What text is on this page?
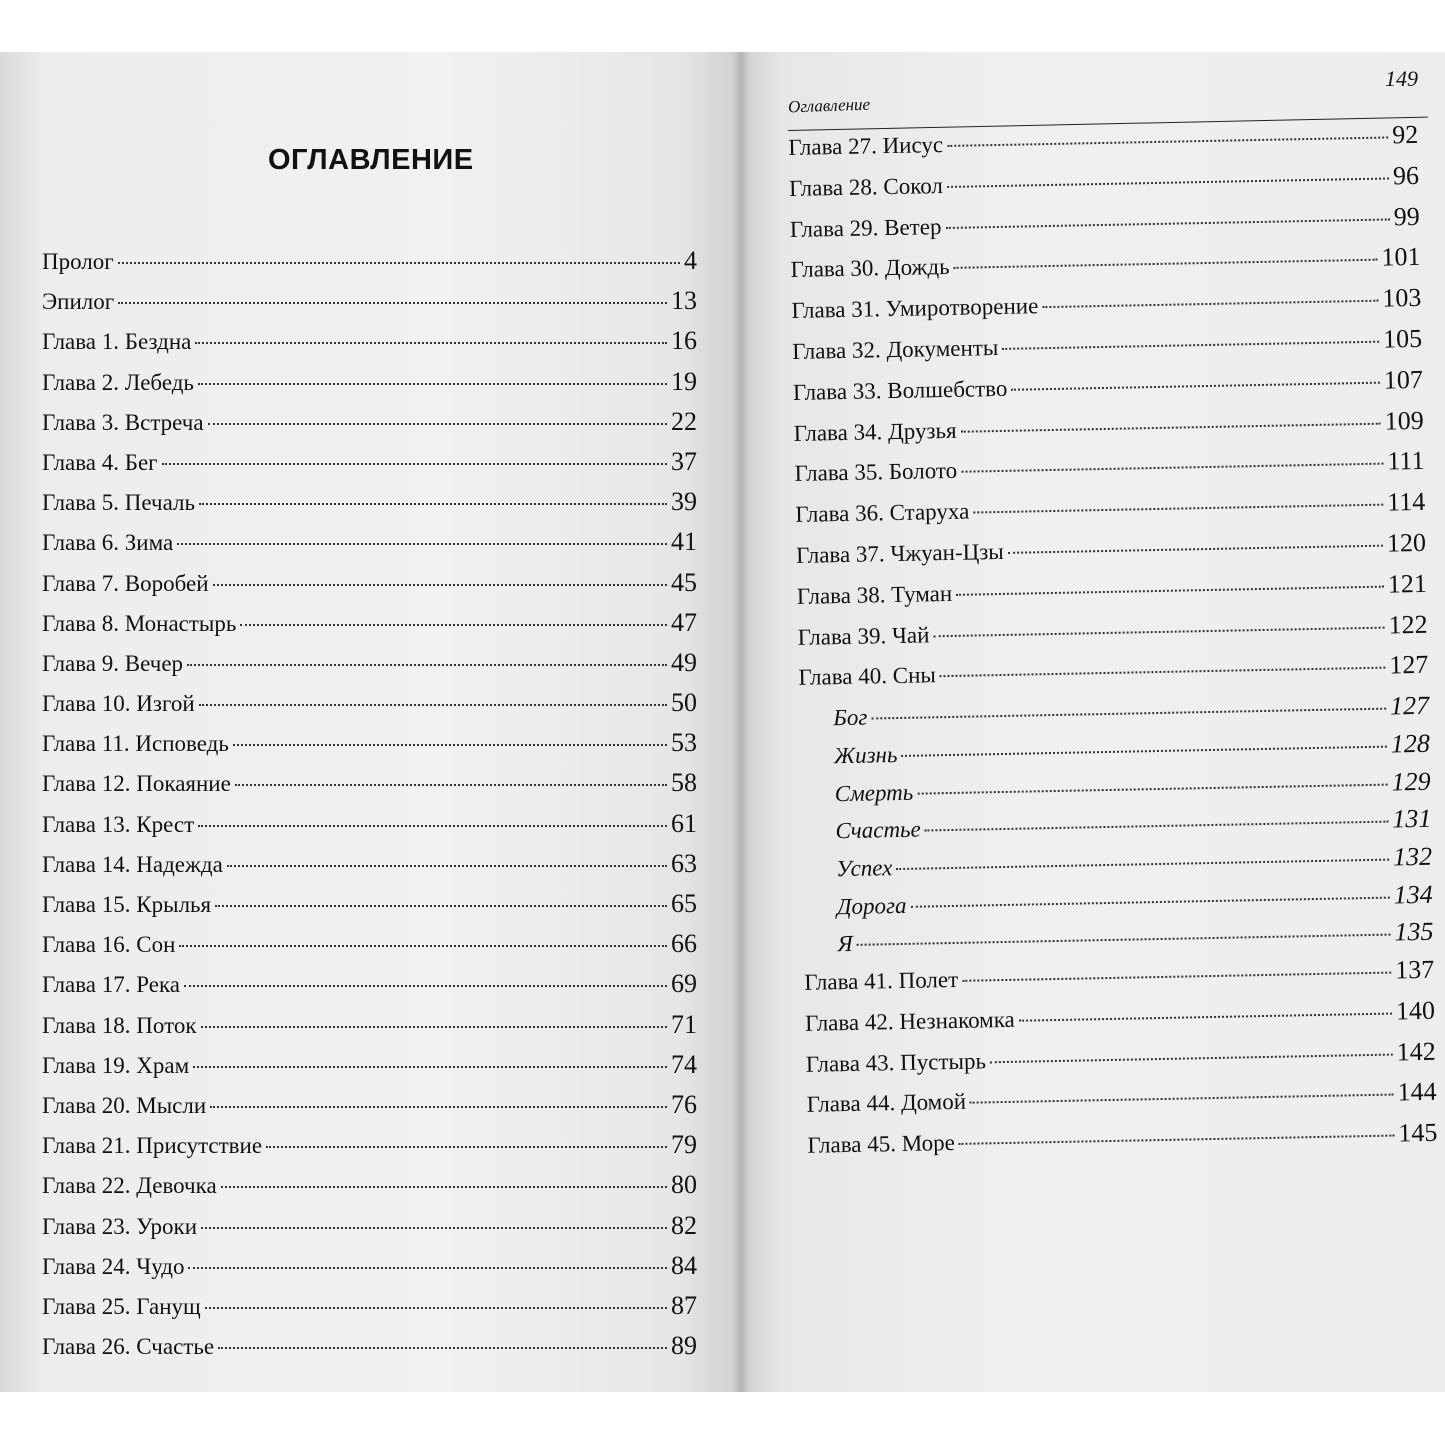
ОГЛАВЛЕНИЕ
Пролог	4
Эпилог	13
Глава 1. Бездна	16
Глава 2. Лебедь	19
Глава 3. Встреча	22
Глава 4. Бег	37
Глава 5. Печаль	39
Глава 6. Зима	41
Глава 7. Воробей	45
Глава 8. Монастырь	47
Глава 9. Вечер	49
Глава 10. Изгой	50
Глава 11. Исповедь	53
Глава 12. Покаяние	58
Глава 13. Крест	61
Глава 14. Надежда	63
Глава 15. Крылья	65
Глава 16. Сон	66
Глава 17. Река	69
Глава 18. Поток	71
Глава 19. Храм	74
Глава 20. Мысли	76
Глава 21. Присутствие	79
Глава 22. Девочка	80
Глава 23. Уроки	82
Глава 24. Чудо	84
Глава 25. Ганущ	87
Глава 26. Счастье	89
149
Оглавление
Глава 27. Иисус	92
Глава 28. Сокол	96
Глава 29. Ветер	99
Глава 30. Дождь	101
Глава 31. Умиротворение	103
Глава 32. Документы	105
Глава 33. Волшебство	107
Глава 34. Друзья	109
Глава 35. Болото	111
Глава 36. Старуха	114
Глава 37. Чжуан-Цзы	120
Глава 38. Туман	121
Глава 39. Чай	122
Глава 40. Сны	127
Бог	127
Жизнь	128
Смерть	129
Счастье	131
Успех	132
Дорога	134
Я	135
Глава 41. Полет	137
Глава 42. Незнакомка	140
Глава 43. Пустырь	142
Глава 44. Домой	144
Глава 45. Море	145
